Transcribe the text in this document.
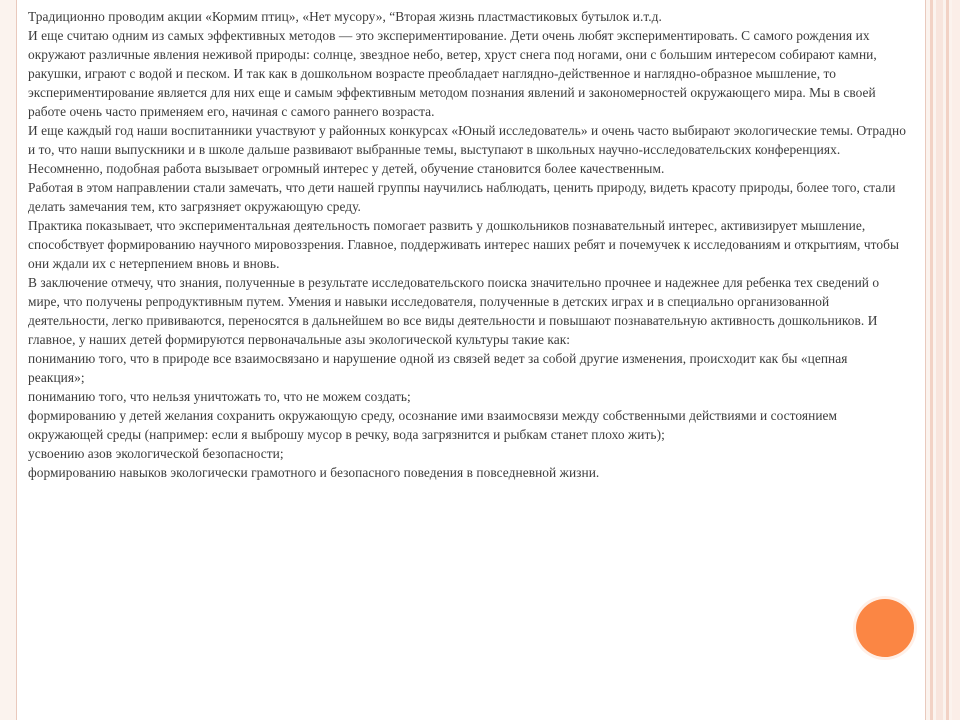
Традиционно проводим акции «Кормим птиц», «Нет мусору», “Вторая жизнь пластмастиковых бутылок и.т.д.

И еще считаю одним из самых эффективных методов — это экспериментирование. Дети очень любят экспериментировать. С самого рождения их окружают различные явления неживой природы: солнце, звездное небо, ветер, хруст снега под ногами, они с большим интересом собирают камни, ракушки, играют с водой и песком. И так как в дошкольном возрасте преобладает наглядно-действенное и наглядно-образное мышление, то экспериментирование является для них еще и самым эффективным методом познания явлений и закономерностей окружающего мира. Мы в своей работе очень часто применяем его, начиная с самого раннего возраста.

И еще каждый год наши воспитанники участвуют у районных конкурсах «Юный исследователь» и очень часто выбирают экологические темы. Отрадно и то, что наши выпускники и в школе дальше развивают выбранные темы, выступают в школьных научно-исследовательских конференциях. Несомненно, подобная работа вызывает огромный интерес у детей, обучение становится более качественным.

Работая в этом направлении стали замечать, что дети нашей группы научились наблюдать, ценить природу, видеть красоту природы, более того, стали делать замечания тем, кто загрязняет окружающую среду.

Практика показывает, что экспериментальная деятельность помогает развить у дошкольников познавательный интерес, активизирует мышление, способствует формированию научного мировоззрения. Главное, поддерживать интерес наших ребят и почемучек к исследованиям и открытиям, чтобы они ждали их с нетерпением вновь и вновь.

В заключение отмечу, что знания, полученные в результате исследовательского поиска значительно прочнее и надежнее для ребенка тех сведений о мире, что получены репродуктивным путем. Умения и навыки исследователя, полученные в детских играх и в специально организованной деятельности, легко прививаются, переносятся в дальнейшем во все виды деятельности и повышают познавательную активность дошкольников. И главное, у наших детей формируются первоначальные азы экологической культуры такие как:

пониманию того, что в природе все взаимосвязано и нарушение одной из связей ведет за собой другие изменения, происходит как бы «цепная реакция»;

пониманию того, что нельзя уничтожать то, что не можем создать;

формированию у детей желания сохранить окружающую среду, осознание ими взаимосвязи между собственными действиями и состоянием окружающей среды (например: если я выброшу мусор в речку, вода загрязнится и рыбкам станет плохо жить);

усвоению азов экологической безопасности;

формированию навыков экологически грамотного и безопасного поведения в повседневной жизни.
